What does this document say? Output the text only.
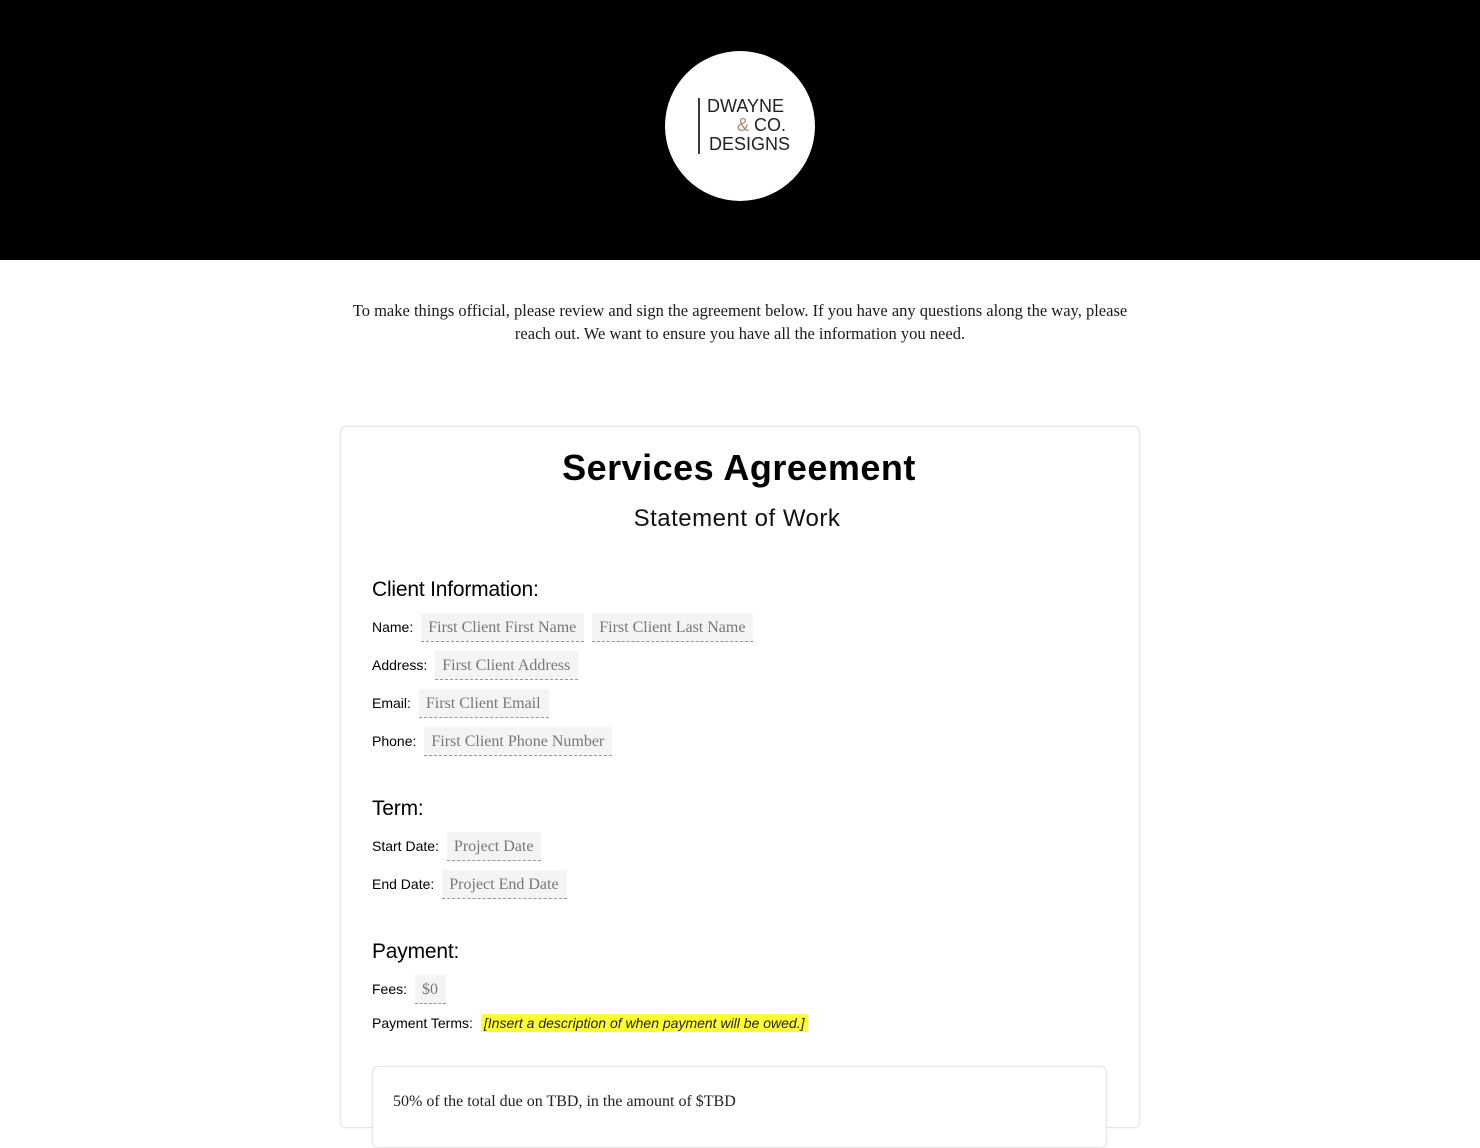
DWAYNE
& CO.
DESIGNS
To make things official, please review and sign the agreement below. If you have any questions along the way, please reach out. We want to ensure you have all the information you need.
Services Agreement
Statement of Work
Client Information:
Name: First Client First Name	First Client Last Name
Address: First Client Address
Email: First Client Email
Phone: First Client Phone Number
Term:
Start Date: Project Date
End Date: Project End Date
Payment:
Fees: $0
Payment Terms: [Insert a description of when payment will be owed.]
50% of the total due on TBD, in the amount of $TBD
